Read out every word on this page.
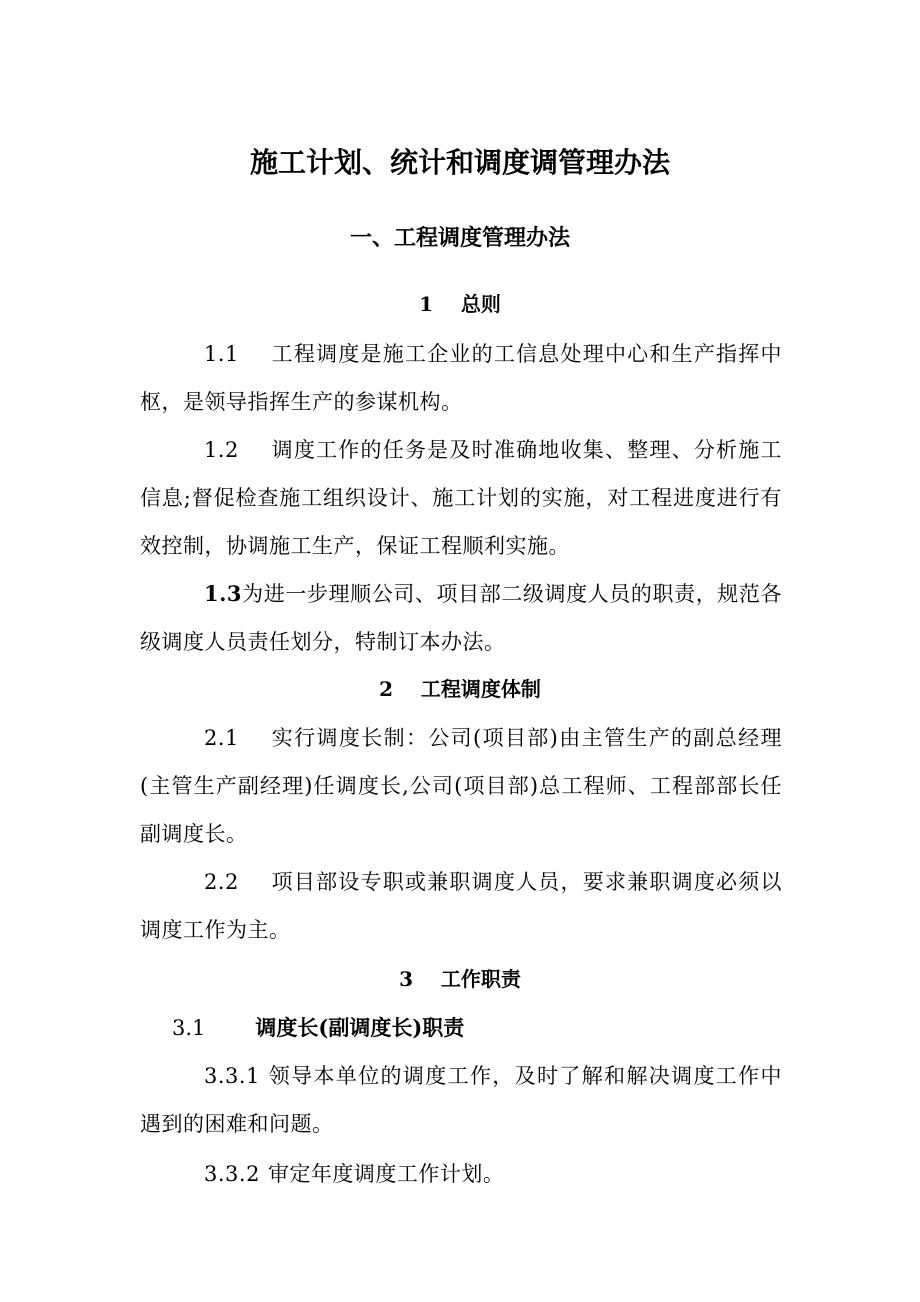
施工计划、统计和调度调管理办法
一、工程调度管理办法
1 总则
1.1 工程调度是施工企业的工信息处理中心和生产指挥中枢，是领导指挥生产的参谋机构。
1.2 调度工作的任务是及时准确地收集、整理、分析施工信息;督促检查施工组织设计、施工计划的实施，对工程进度进行有效控制，协调施工生产，保证工程顺利实施。
1.3为进一步理顺公司、项目部二级调度人员的职责，规范各级调度人员责任划分，特制订本办法。
2 工程调度体制
2.1 实行调度长制：公司(项目部)由主管生产的副总经理(主管生产副经理)任调度长,公司(项目部)总工程师、工程部部长任副调度长。
2.2 项目部设专职或兼职调度人员，要求兼职调度必须以调度工作为主。
3 工作职责
3.1 调度长(副调度长)职责
3.3.1 领导本单位的调度工作，及时了解和解决调度工作中遇到的困难和问题。
3.3.2 审定年度调度工作计划。
